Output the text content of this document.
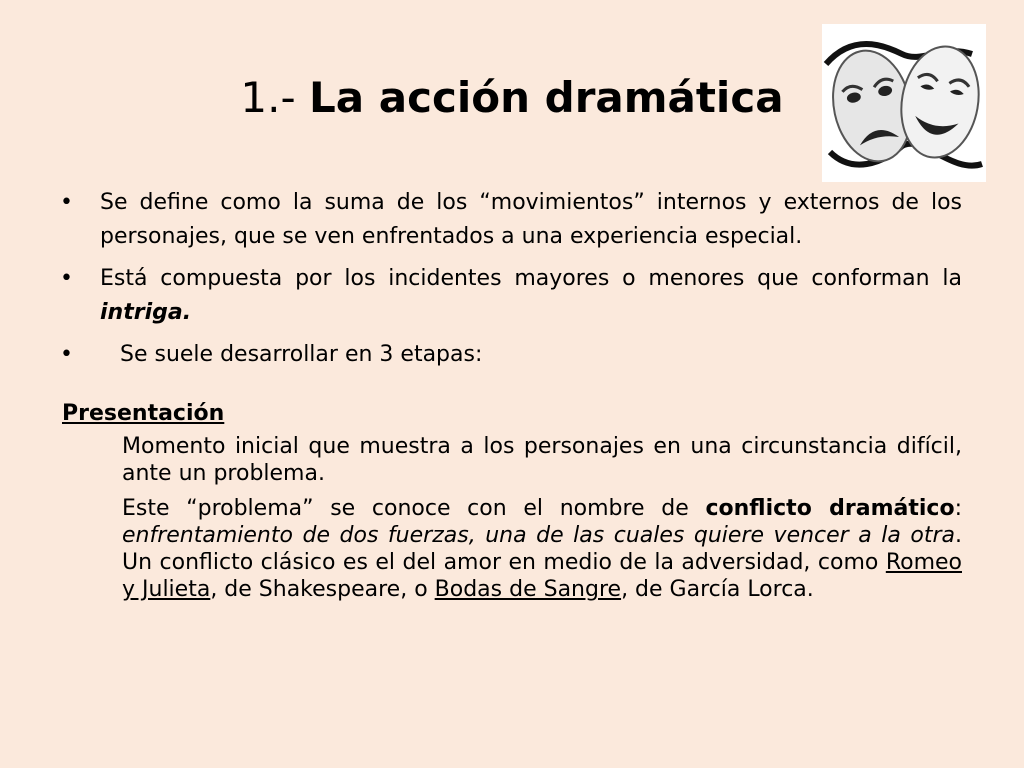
1.- La acción dramática
• Se define como la suma de los “movimientos” internos y externos de los personajes, que se ven enfrentados a una experiencia especial.
• Está compuesta por los incidentes mayores o menores que conforman la intriga.
• Se suele desarrollar en 3 etapas:
Presentación
Momento inicial que muestra a los personajes en una circunstancia difícil, ante un problema.
Este “problema” se conoce con el nombre de conflicto dramático: enfrentamiento de dos fuerzas, una de las cuales quiere vencer a la otra. Un conflicto clásico es el del amor en medio de la adversidad, como Romeo y Julieta, de Shakespeare, o Bodas de Sangre, de García Lorca.
